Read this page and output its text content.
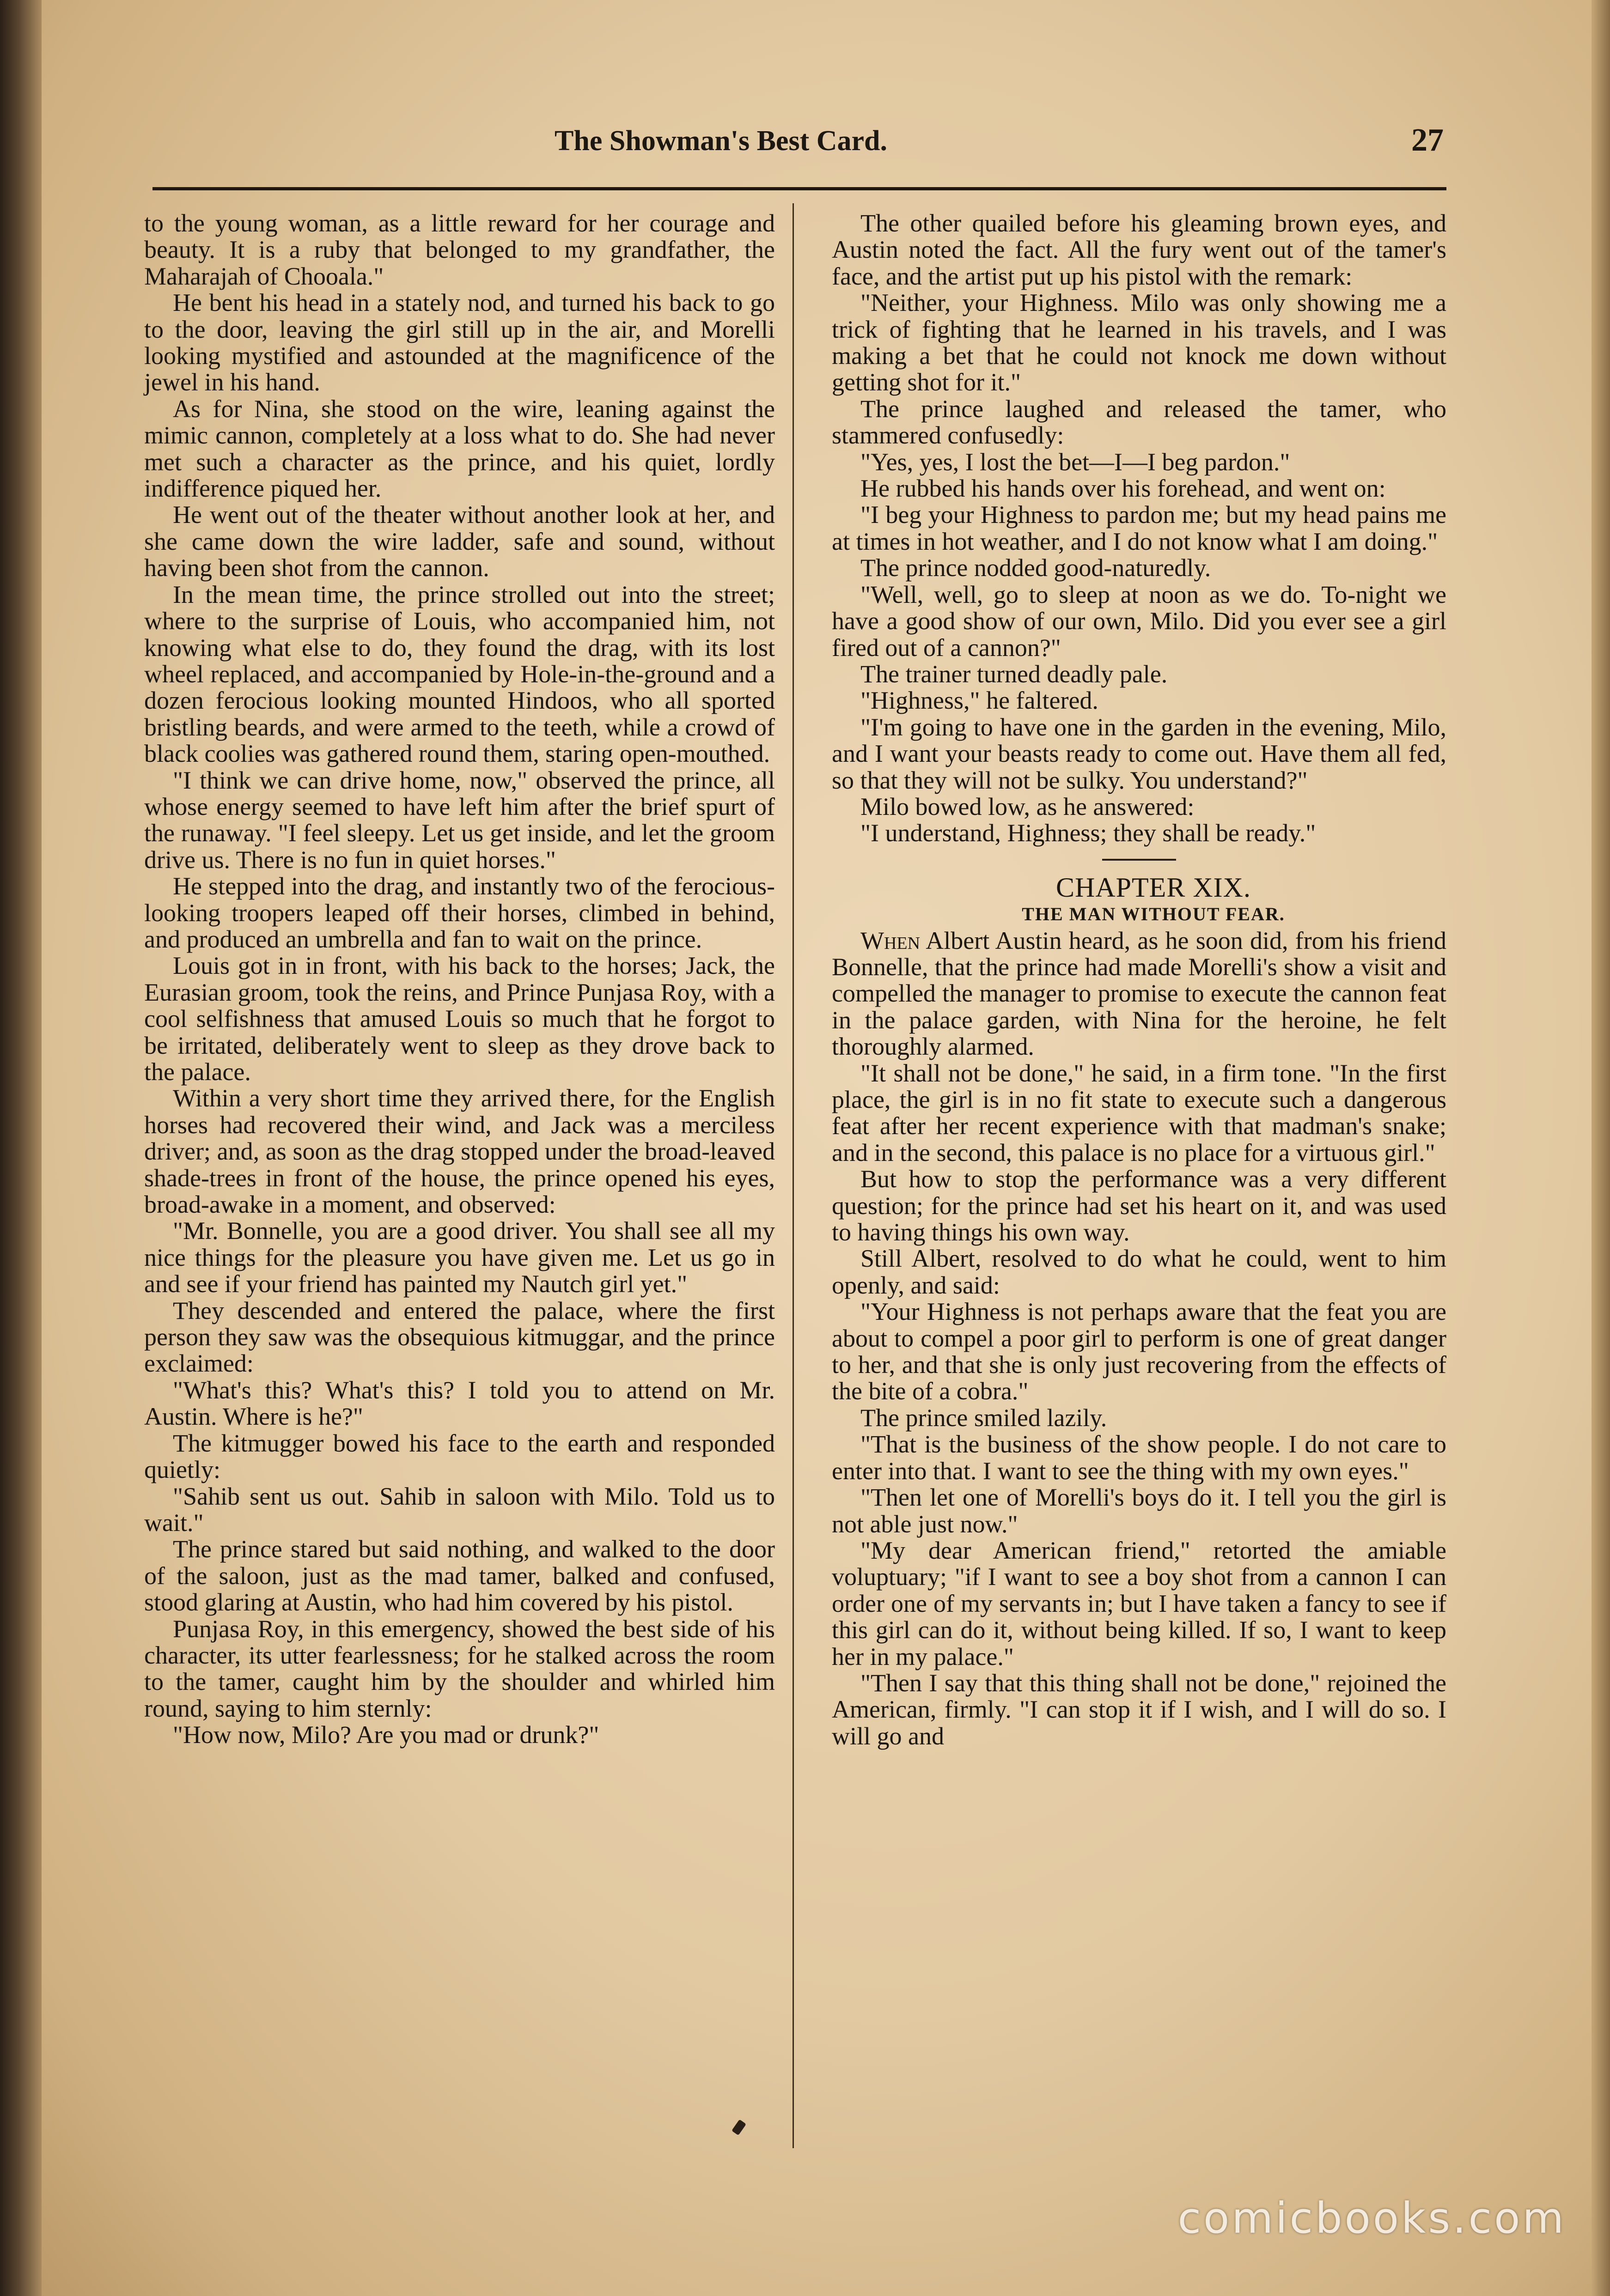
The Showman's Best Card.	27

to the young woman, as a little reward for her courage and beauty. It is a ruby that belonged to my grandfather, the Maharajah of Chooala."

He bent his head in a stately nod, and turned his back to go to the door, leaving the girl still up in the air, and Morelli looking mystified and astounded at the magnificence of the jewel in his hand.

As for Nina, she stood on the wire, leaning against the mimic cannon, completely at a loss what to do. She had never met such a character as the prince, and his quiet, lordly indifference piqued her.

He went out of the theater without another look at her, and she came down the wire ladder, safe and sound, without having been shot from the cannon.

In the mean time, the prince strolled out into the street; where to the surprise of Louis, who accompanied him, not knowing what else to do, they found the drag, with its lost wheel replaced, and accompanied by Hole-in-the-ground and a dozen ferocious looking mounted Hindoos, who all sported bristling beards, and were armed to the teeth, while a crowd of black coolies was gathered round them, staring open-mouthed.

"I think we can drive home, now," observed the prince, all whose energy seemed to have left him after the brief spurt of the runaway. "I feel sleepy. Let us get inside, and let the groom drive us. There is no fun in quiet horses."

He stepped into the drag, and instantly two of the ferocious-looking troopers leaped off their horses, climbed in behind, and produced an umbrella and fan to wait on the prince.

Louis got in in front, with his back to the horses; Jack, the Eurasian groom, took the reins, and Prince Punjasa Roy, with a cool selfishness that amused Louis so much that he forgot to be irritated, deliberately went to sleep as they drove back to the palace.

Within a very short time they arrived there, for the English horses had recovered their wind, and Jack was a merciless driver; and, as soon as the drag stopped under the broad-leaved shade-trees in front of the house, the prince opened his eyes, broad-awake in a moment, and observed:

"Mr. Bonnelle, you are a good driver. You shall see all my nice things for the pleasure you have given me. Let us go in and see if your friend has painted my Nautch girl yet."

They descended and entered the palace, where the first person they saw was the obsequious kitmuggar, and the prince exclaimed:

"What's this? What's this? I told you to attend on Mr. Austin. Where is he?"

The kitmugger bowed his face to the earth and responded quietly:

"Sahib sent us out. Sahib in saloon with Milo. Told us to wait."

The prince stared but said nothing, and walked to the door of the saloon, just as the mad tamer, balked and confused, stood glaring at Austin, who had him covered by his pistol.

Punjasa Roy, in this emergency, showed the best side of his character, its utter fearlessness; for he stalked across the room to the tamer, caught him by the shoulder and whirled him round, saying to him sternly:

"How now, Milo? Are you mad or drunk?"

The other quailed before his gleaming brown eyes, and Austin noted the fact. All the fury went out of the tamer's face, and the artist put up his pistol with the remark:

"Neither, your Highness. Milo was only showing me a trick of fighting that he learned in his travels, and I was making a bet that he could not knock me down without getting shot for it."

The prince laughed and released the tamer, who stammered confusedly:

"Yes, yes, I lost the bet—I—I beg pardon."

He rubbed his hands over his forehead, and went on:

"I beg your Highness to pardon me; but my head pains me at times in hot weather, and I do not know what I am doing."

The prince nodded good-naturedly.

"Well, well, go to sleep at noon as we do. To-night we have a good show of our own, Milo. Did you ever see a girl fired out of a cannon?"

The trainer turned deadly pale.

"Highness," he faltered.

"I'm going to have one in the garden in the evening, Milo, and I want your beasts ready to come out. Have them all fed, so that they will not be sulky. You understand?"

Milo bowed low, as he answered:

"I understand, Highness; they shall be ready."

CHAPTER XIX.

THE MAN WITHOUT FEAR.

When Albert Austin heard, as he soon did, from his friend Bonnelle, that the prince had made Morelli's show a visit and compelled the manager to promise to execute the cannon feat in the palace garden, with Nina for the heroine, he felt thoroughly alarmed.

"It shall not be done," he said, in a firm tone. "In the first place, the girl is in no fit state to execute such a dangerous feat after her recent experience with that madman's snake; and in the second, this palace is no place for a virtuous girl."

But how to stop the performance was a very different question; for the prince had set his heart on it, and was used to having things his own way.

Still Albert, resolved to do what he could, went to him openly, and said:

"Your Highness is not perhaps aware that the feat you are about to compel a poor girl to perform is one of great danger to her, and that she is only just recovering from the effects of the bite of a cobra."

The prince smiled lazily.

"That is the business of the show people. I do not care to enter into that. I want to see the thing with my own eyes."

"Then let one of Morelli's boys do it. I tell you the girl is not able just now."

"My dear American friend," retorted the amiable voluptuary; "if I want to see a boy shot from a cannon I can order one of my servants in; but I have taken a fancy to see if this girl can do it, without being killed. If so, I want to keep her in my palace."

"Then I say that this thing shall not be done," rejoined the American, firmly. "I can stop it if I wish, and I will do so. I will go and

comicbooks.com
